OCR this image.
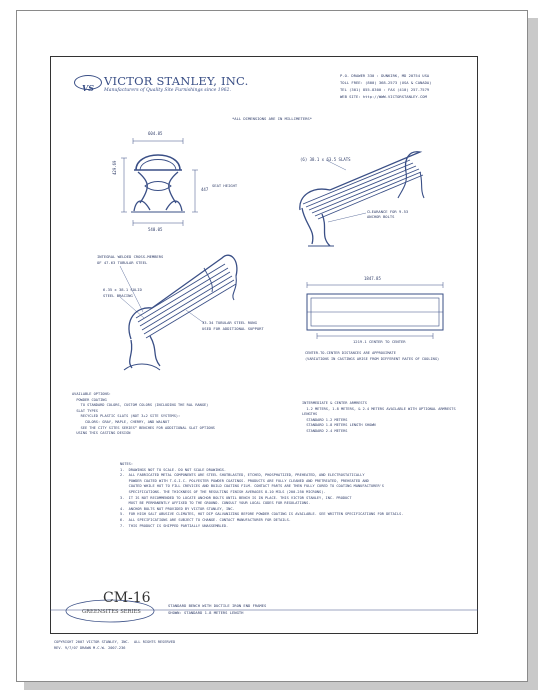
VS VICTOR STANLEY, INC.
Manufacturers of Quality Site Furnishings since 1962.
P.O. DRAWER 330 : DUNKIRK, MD 20754 USA
TOLL FREE: (800) 368-2573 (USA & CANADA)
TEL (301) 855-8300 : FAX (410) 257-7579
WEB SITE: http://WWW.VICTORSTANLEY.COM
*ALL DIMENSIONS ARE IN MILLIMETERS*
604.85
429.69
447
SEAT HEIGHT
540.05
(6) 38.1 x 63.5 SLATS
CLEARANCE FOR 9.53
ANCHOR BOLTS
INTEGRAL WELDED CROSS-MEMBERS
OF 47.63 TUBULAR STEEL
6.35 x 38.1 SOLID
STEEL BRACING
33.34 TUBULAR STEEL RUNG
USED FOR ADDITIONAL SUPPORT
1847.85
1219.1 CENTER TO CENTER
CENTER-TO-CENTER DISTANCES ARE APPROXIMATE
(VARIATIONS IN CASTINGS ARISE FROM DIFFERENT RATES OF COOLING)
AVAILABLE OPTIONS:
POWDER COATING
TO STANDARD COLORS, CUSTOM COLORS (INCLUDING THE RAL RANGE)
SLAT TYPES
RECYCLED PLASTIC SLATS (NOT 3+2 SITE SYSTEMS):
COLORS: GRAY, MAPLE, CHERRY, AND WALNUT
SEE THE CITY SITES SERIES™ BENCHES FOR ADDITIONAL SLAT OPTIONS
USING THIS CASTING DESIGN
INTERMEDIATE & CENTER ARMRESTS
1.2 METERS, 1.8 METERS, & 2.4 METERS AVAILABLE WITH OPTIONAL ARMRESTS
LENGTHS
STANDARD 1.2 METERS
STANDARD 1.8 METERS LENGTH SHOWN
STANDARD 2.4 METERS
NOTES:
1.  DRAWINGS NOT TO SCALE. DO NOT SCALE DRAWINGS.
2.  ALL FABRICATED METAL COMPONENTS ARE STEEL SHOTBLASTED, ETCHED, PHOSPHATIZED, PREHEATED, AND ELECTROSTATICALLY
POWDER COATED WITH T.G.I.C. POLYESTER POWDER COATINGS. PRODUCTS ARE FULLY CLEANED AND PRETREATED, PREHEATED AND
COATED WHILE HOT TO FILL CREVICES AND BUILD COATING FILM. CONTACT PARTS ARE THEN FULLY CURED TO COATING MANUFACTURER'S
SPECIFICATIONS. THE THICKNESS OF THE RESULTING FINISH AVERAGES 8-10 MILS (200-250 MICRONS).
3.  IT IS NOT RECOMMENDED TO LOCATE ANCHOR BOLTS UNTIL BENCH IS IN PLACE. THIS VICTOR STANLEY, INC. PRODUCT
MUST BE PERMANENTLY AFFIXED TO THE GROUND. CONSULT YOUR LOCAL CODES FOR REGULATIONS.
4.  ANCHOR BOLTS NOT PROVIDED BY VICTOR STANLEY, INC.
5.  FOR HIGH SALT ABUSIVE CLIMATES, HOT DIP GALVANIZING BEFORE POWDER COATING IS AVAILABLE. SEE WRITTEN SPECIFICATIONS FOR DETAILS.
6.  ALL SPECIFICATIONS ARE SUBJECT TO CHANGE. CONTACT MANUFACTURER FOR DETAILS.
7.  THIS PRODUCT IS SHIPPED PARTIALLY UNASSEMBLED.
CM-16
GREENSITES SERIES
STANDARD BENCH WITH DUCTILE IRON END FRAMES
SHOWN: STANDARD 1.8 METERS LENGTH
COPYRIGHT 2007 VICTOR STANLEY, INC.  ALL RIGHTS RESERVED
REV. 9/7/07 DRAWN M.C.W. 2007-236
